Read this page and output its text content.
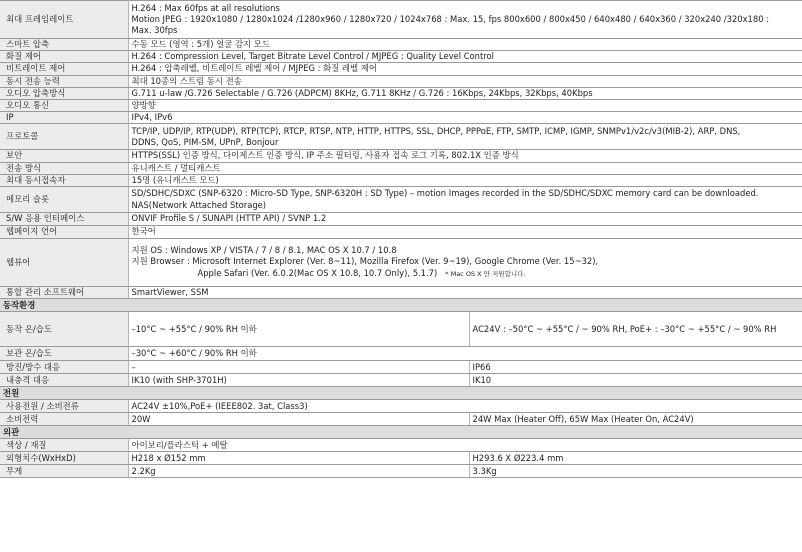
최대 프레임레이트	H.264 : Max 60fps at all resolutions
Motion JPEG : 1920x1080 / 1280x1024 /1280x960 / 1280x720 / 1024x768 : Max. 15, fps 800x600 / 800x450 / 640x480 / 640x360 / 320x240 /320x180 :
Max. 30fps	

스마트 압축	수동 모드 (영역 : 5개) 얼굴 감지 모드	
화질 제어	H.264 : Compression Level, Target Bitrate Level Control / MJPEG : Quality Level Control	
비트레이트 제어	H.264 : 압축레벨, 비트레이트 레벨 제어 / MJPEG : 화질 레벨 제어	
동시 전송 능력	최대 10종의 스트림 동시 전송	
오디오 압축방식	G.711 u-law /G.726 Selectable / G.726 (ADPCM) 8KHz, G.711 8KHz / G.726 : 16Kbps, 24Kbps, 32Kbps, 40Kbps	
오디오 통신	양방향	
IP	IPv4, IPv6	
프로토콜	TCP/IP, UDP/IP, RTP(UDP), RTP(TCP), RTCP, RTSP, NTP, HTTP, HTTPS, SSL, DHCP, PPPoE, FTP, SMTP, ICMP, IGMP, SNMPv1/v2c/v3(MIB-2), ARP, DNS,
DDNS, QoS, PIM-SM, UPnP, Bonjour	

보안	HTTPS(SSL) 인증 방식, 다이제스트 인증 방식, IP 주소 필터링, 사용자 접속 로그 기록, 802.1X 인증 방식	
전송 방식	유니캐스트 / 멀티캐스트	
최대 동시접속자	15명 (유니캐스트 모드)	
메모리 슬롯	SD/SDHC/SDXC (SNP-6320 : Micro-SD Type, SNP-6320H : SD Type) – motion Images recorded in the SD/SDHC/SDXC memory card can be downloaded.
NAS(Network Attached Storage)	

S/W 응용 인터페이스	ONVIF Profile S / SUNAPI (HTTP API) / SVNP 1.2	
웹페이지 언어	한국어	
웹뷰어	지원 OS : Windows XP / VISTA / 7 / 8 / 8.1, MAC OS X 10.7 / 10.8
지원 Browser : Microsoft Internet Explorer (Ver. 8~11), Mozilla Firefox (Ver. 9~19), Google Chrome (Ver. 15~32),
Apple Safari (Ver. 6.0.2(Mac OS X 10.8, 10.7 Only), 5.1.7) * Mac OS X 만 지원합니다.	

통합 관리 소프트웨어	SmartViewer, SSM	
동작환경		
동작 온/습도	–10°C ~ +55°C / 90% RH 이하	AC24V : –50°C ~ +55°C / ~ 90% RH, PoE+ : –30°C ~ +55°C / ~ 90% RH
보관 온/습도	–30°C ~ +60°C / 90% RH 이하	
방진/방수 대응	–	IP66
내충격 대응	IK10 (with SHP-3701H)	IK10
전원		
사용전원 / 소비전류	AC24V ±10%,PoE+ (IEEE802. 3at, Class3)	
소비전력	20W	24W Max (Heater Off), 65W Max (Heater On, AC24V)
외관		
색상 / 재질	아이보리/플라스틱 + 메탈	
외형치수(WxHxD)	H218 x Ø152 mm	H293.6 X Ø223.4 mm
무게	2.2Kg	3.3Kg
